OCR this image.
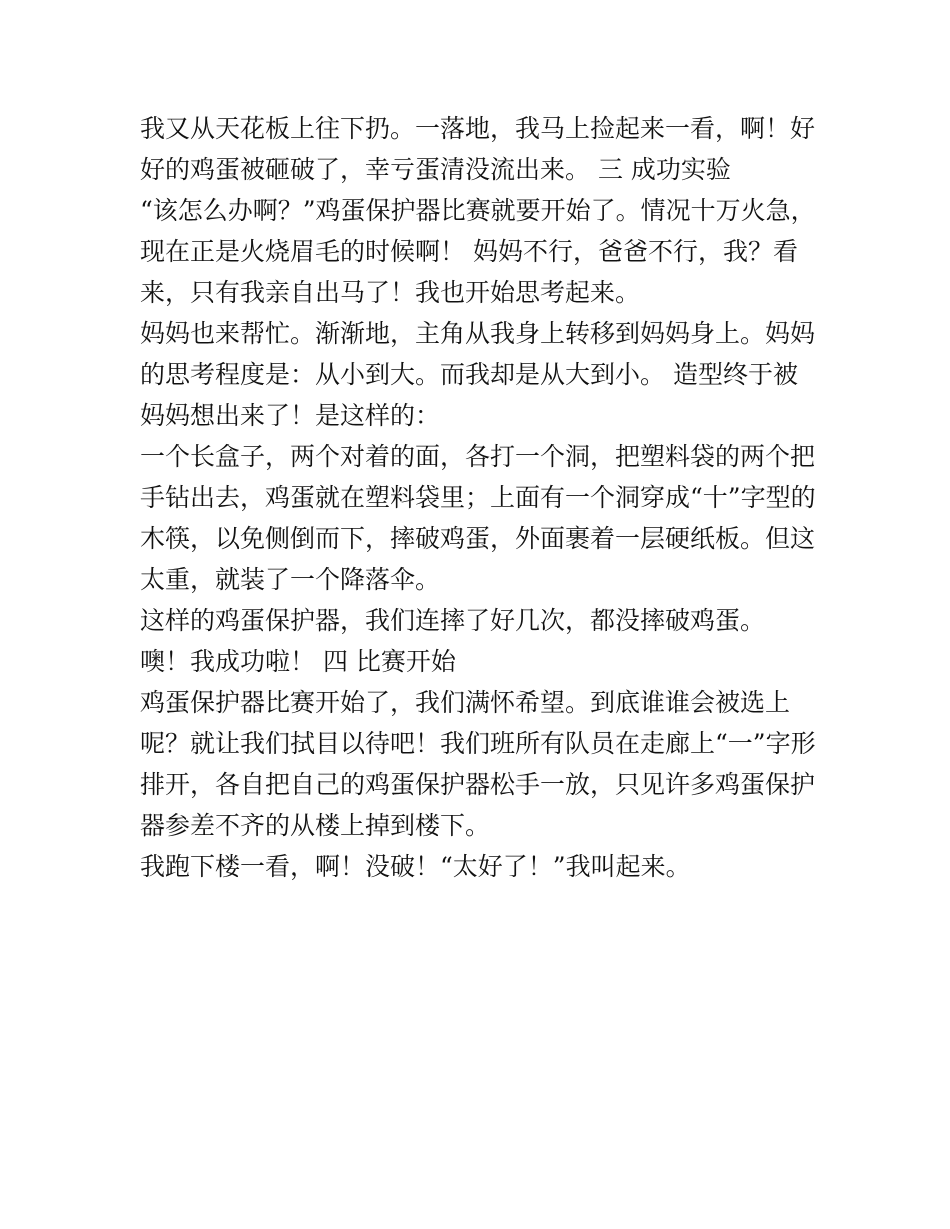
我又从天花板上往下扔。一落地，我马上捡起来一看，啊！好
好的鸡蛋被砸破了，幸亏蛋清没流出来。 三 成功实验
“该怎么办啊？”鸡蛋保护器比赛就要开始了。情况十万火急，
现在正是火烧眉毛的时候啊！ 妈妈不行，爸爸不行，我？看
来，只有我亲自出马了！我也开始思考起来。
妈妈也来帮忙。渐渐地，主角从我身上转移到妈妈身上。妈妈
的思考程度是：从小到大。而我却是从大到小。 造型终于被
妈妈想出来了！是这样的：
一个长盒子，两个对着的面，各打一个洞，把塑料袋的两个把
手钻出去，鸡蛋就在塑料袋里；上面有一个洞穿成“十”字型的
木筷，以免侧倒而下，摔破鸡蛋，外面裹着一层硬纸板。但这
太重，就装了一个降落伞。
这样的鸡蛋保护器，我们连摔了好几次，都没摔破鸡蛋。
噢！我成功啦！ 四 比赛开始
鸡蛋保护器比赛开始了，我们满怀希望。到底谁谁会被选上
呢？就让我们拭目以待吧！我们班所有队员在走廊上“一”字形
排开，各自把自己的鸡蛋保护器松手一放，只见许多鸡蛋保护
器参差不齐的从楼上掉到楼下。
我跑下楼一看，啊！没破！“太好了！”我叫起来。
